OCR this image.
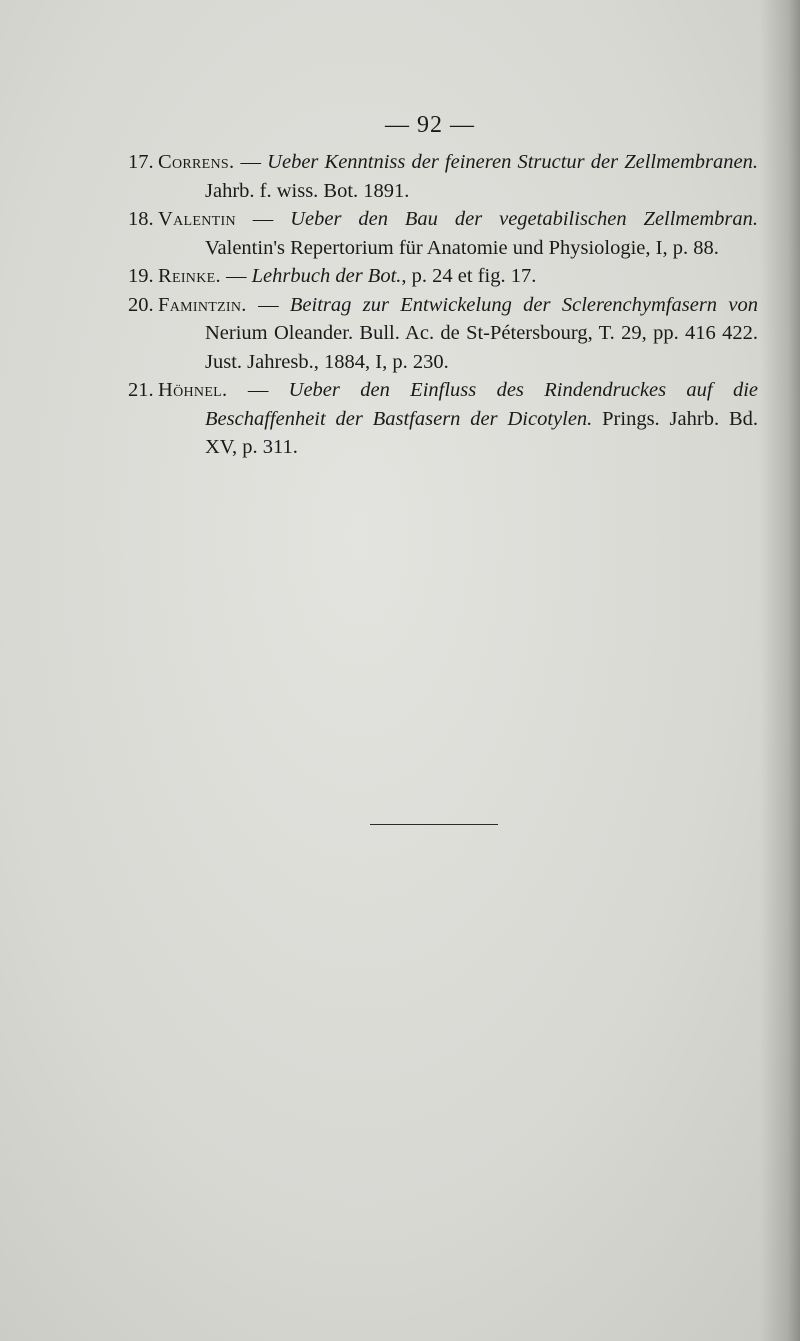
— 92 —
17. Correns. — Ueber Kenntniss der feineren Structur der Zellmembranen. Jahrb. f. wiss. Bot. 1891.
18. Valentin — Ueber den Bau der vegetabilischen Zellmembran. Valentin's Repertorium für Anatomie und Physiologie, I, p. 88.
19. Reinke. — Lehrbuch der Bot., p. 24 et fig. 17.
20. Famintzin. — Beitrag zur Entwickelung der Sclerenchymfasern von Nerium Oleander. Bull. Ac. de St-Pétersbourg, T. 29, pp. 416 422. Just. Jahresb., 1884, I, p. 230.
21. Höhnel. — Ueber den Einfluss des Rindendruckes auf die Beschaffenheit der Bastfasern der Dicotylen. Prings. Jahrb. Bd. XV, p. 311.
